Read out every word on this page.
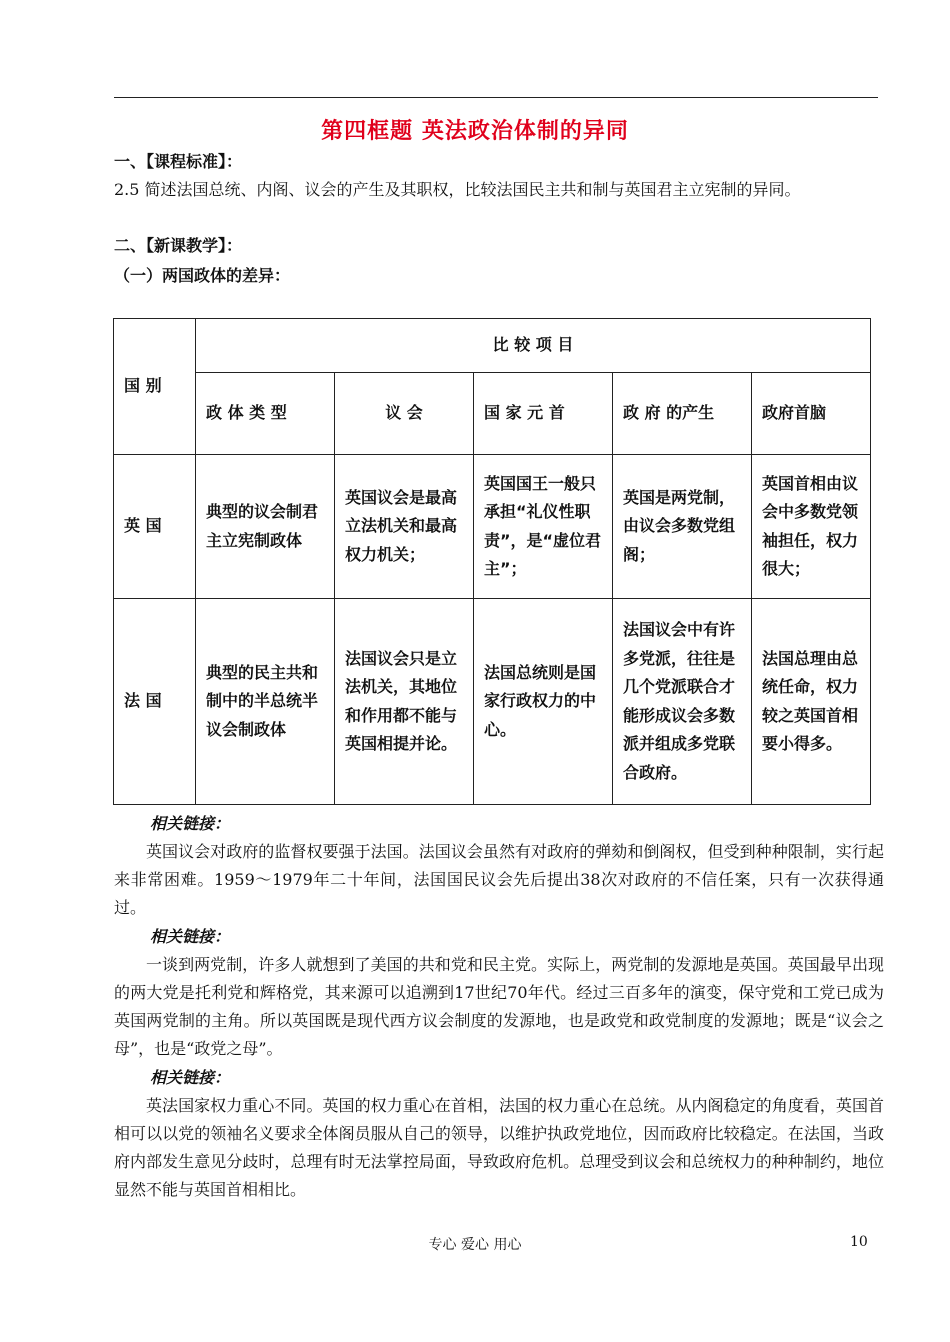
第四框题 英法政治体制的异同
一、【课程标准】：
2.5 简述法国总统、内阁、议会的产生及其职权，比较法国民主共和制与英国君主立宪制的异同。
二、【新课教学】：
（一）两国政体的差异：
国 别	比 较 项 目				
	政 体 类 型	议 会	国 家 元 首	政 府 的产生	政府首脑
英 国	典型的议会制君主立宪制政体	英国议会是最高立法机关和最高权力机关；	英国国王一般只承担“礼仪性职责”，是“虚位君主”；	英国是两党制，由议会多数党组阁；	英国首相由议会中多数党领袖担任，权力很大；
法 国	典型的民主共和制中的半总统半议会制政体	法国议会只是立法机关，其地位和作用都不能与英国相提并论。	法国总统则是国家行政权力的中心。	法国议会中有许多党派，往往是几个党派联合才能形成议会多数派并组成多党联合政府。	法国总理由总统任命，权力较之英国首相要小得多。
相关链接：
英国议会对政府的监督权要强于法国。法国议会虽然有对政府的弹劾和倒阁权，但受到种种限制，实行起来非常困难。1959～1979年二十年间，法国国民议会先后提出38次对政府的不信任案，只有一次获得通过。
相关链接：
一谈到两党制，许多人就想到了美国的共和党和民主党。实际上，两党制的发源地是英国。英国最早出现的两大党是托利党和辉格党，其来源可以追溯到17世纪70年代。经过三百多年的演变，保守党和工党已成为英国两党制的主角。所以英国既是现代西方议会制度的发源地，也是政党和政党制度的发源地；既是“议会之母”，也是“政党之母”。
相关链接：
英法国家权力重心不同。英国的权力重心在首相，法国的权力重心在总统。从内阁稳定的角度看，英国首相可以以党的领袖名义要求全体阁员服从自己的领导，以维护执政党地位，因而政府比较稳定。在法国，当政府内部发生意见分歧时，总理有时无法掌控局面，导致政府危机。总理受到议会和总统权力的种种制约，地位显然不能与英国首相相比。
专心 爱心 用心	10
